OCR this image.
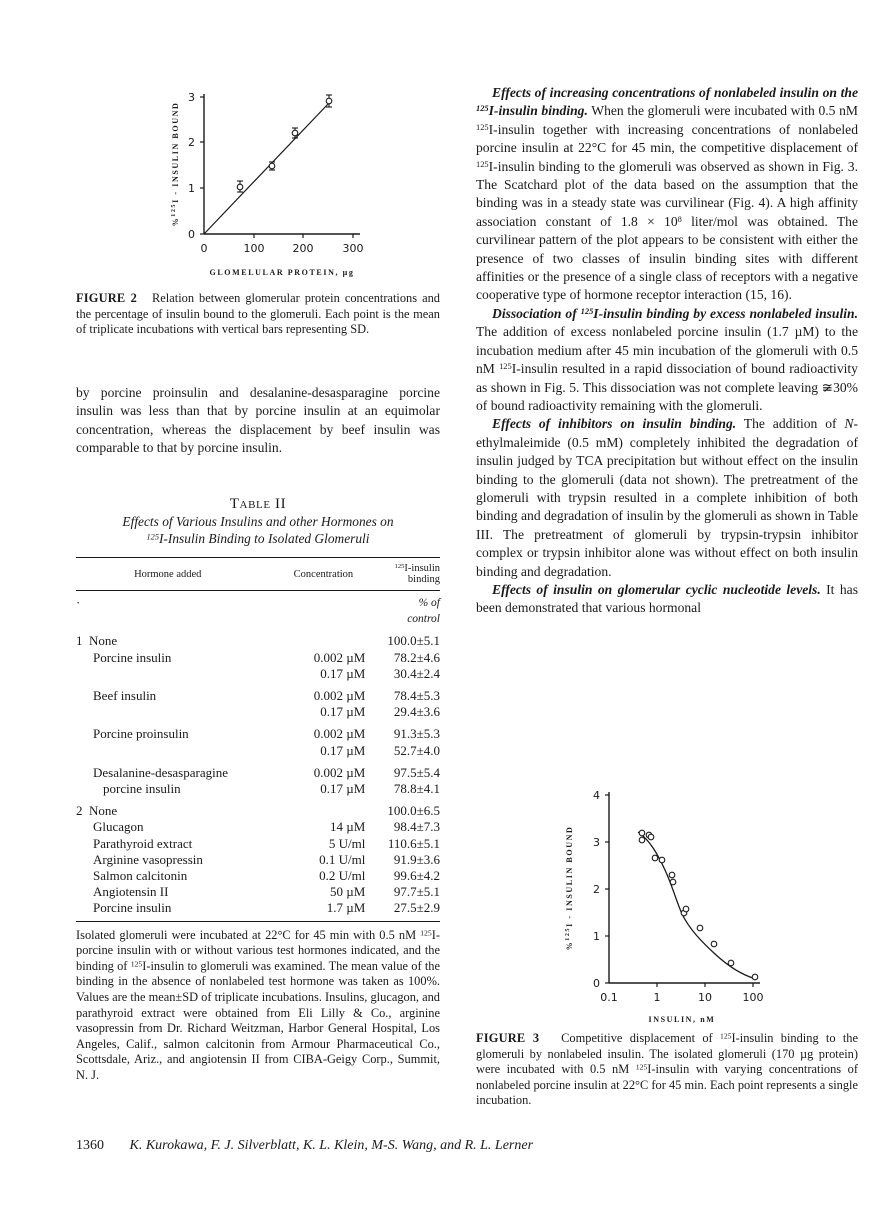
0
1
2
3
0	100	200	300
%$^{125}$I - INSULIN BOUND
GLOMELULAR PROTEIN, µg
FIGURE 2 Relation between glomerular protein concentrations and the percentage of insulin bound to the glomeruli. Each point is the mean of triplicate incubations with vertical bars representing SD.

by porcine proinsulin and desalanine-desasparagine porcine insulin was less than that by porcine insulin at an equimolar concentration, whereas the displacement by beef insulin was comparable to that by porcine insulin.

Table II
Effects of Various Insulins and other Hormones on
$^{125}$I-Insulin Binding to Isolated Glomeruli
Hormone added	Concentration	$^{125}$I-insulin binding
·		% of control

1 None		100.0±5.1
Porcine insulin	0.002 µM	78.2±4.6
	0.17 µM	30.4±2.4

Beef insulin	0.002 µM	78.4±5.3
	0.17 µM	29.4±3.6

Porcine proinsulin	0.002 µM	91.3±5.3
	0.17 µM	52.7±4.0

Desalanine-desasparagine	0.002 µM	97.5±5.4
porcine insulin	0.17 µM	78.8±4.1

2 None		100.0±6.5
Glucagon	14 µM	98.4±7.3
Parathyroid extract	5 U/ml	110.6±5.1
Arginine vasopressin	0.1 U/ml	91.9±3.6
Salmon calcitonin	0.2 U/ml	99.6±4.2
Angiotensin II	50 µM	97.7±5.1
Porcine insulin	1.7 µM	27.5±2.9

Isolated glomeruli were incubated at 22°C for 45 min with 0.5 nM $^{125}$I-porcine insulin with or without various test hormones indicated, and the binding of $^{125}$I-insulin to glomeruli was examined. The mean value of the binding in the absence of nonlabeled test hormone was taken as 100%. Values are the mean±SD of triplicate incubations. Insulins, glucagon, and parathyroid extract were obtained from Eli Lilly & Co., arginine vasopressin from Dr. Richard Weitzman, Harbor General Hospital, Los Angeles, Calif., salmon calcitonin from Armour Pharmaceutical Co., Scottsdale, Ariz., and angiotensin II from CIBA-Geigy Corp., Summit, N. J.

Effects of increasing concentrations of nonlabeled insulin on the $^{125}$I-insulin binding. When the glomeruli were incubated with 0.5 nM $^{125}$I-insulin together with increasing concentrations of nonlabeled porcine insulin at 22°C for 45 min, the competitive displacement of $^{125}$I-insulin binding to the glomeruli was observed as shown in Fig. 3. The Scatchard plot of the data based on the assumption that the binding was in a steady state was curvilinear (Fig. 4). A high affinity association constant of $1.8 \times 10^8$ liter/mol was obtained. The curvilinear pattern of the plot appears to be consistent with either the presence of two classes of insulin binding sites with different affinities or the presence of a single class of receptors with a negative cooperative type of hormone receptor interaction (15, 16).

Dissociation of $^{125}$I-insulin binding by excess nonlabeled insulin. The addition of excess nonlabeled porcine insulin (1.7 µM) to the incubation medium after 45 min incubation of the glomeruli with 0.5 nM $^{125}$I-insulin resulted in a rapid dissociation of bound radioactivity as shown in Fig. 5. This dissociation was not complete leaving ≆30% of bound radioactivity remaining with the glomeruli.

Effects of inhibitors on insulin binding. The addition of N-ethylmaleimide (0.5 mM) completely inhibited the degradation of insulin judged by TCA precipitation but without effect on the insulin binding to the glomeruli (data not shown). The pretreatment of the glomeruli with trypsin resulted in a complete inhibition of both binding and degradation of insulin by the glomeruli as shown in Table III. The pretreatment of glomeruli by trypsin-trypsin inhibitor complex or trypsin inhibitor alone was without effect on both insulin binding and degradation.

Effects of insulin on glomerular cyclic nucleotide levels. It has been demonstrated that various hormonal

0
1
2
3
4
0.1	1	10	100
%$^{125}$I - INSULIN BOUND
INSULIN, nM
FIGURE 3 Competitive displacement of $^{125}$I-insulin binding to the glomeruli by nonlabeled insulin. The isolated glomeruli (170 µg protein) were incubated with 0.5 nM $^{125}$I-insulin with varying concentrations of nonlabeled porcine insulin at 22°C for 45 min. Each point represents a single incubation.
1360 K. Kurokawa, F. J. Silverblatt, K. L. Klein, M-S. Wang, and R. L. Lerner
